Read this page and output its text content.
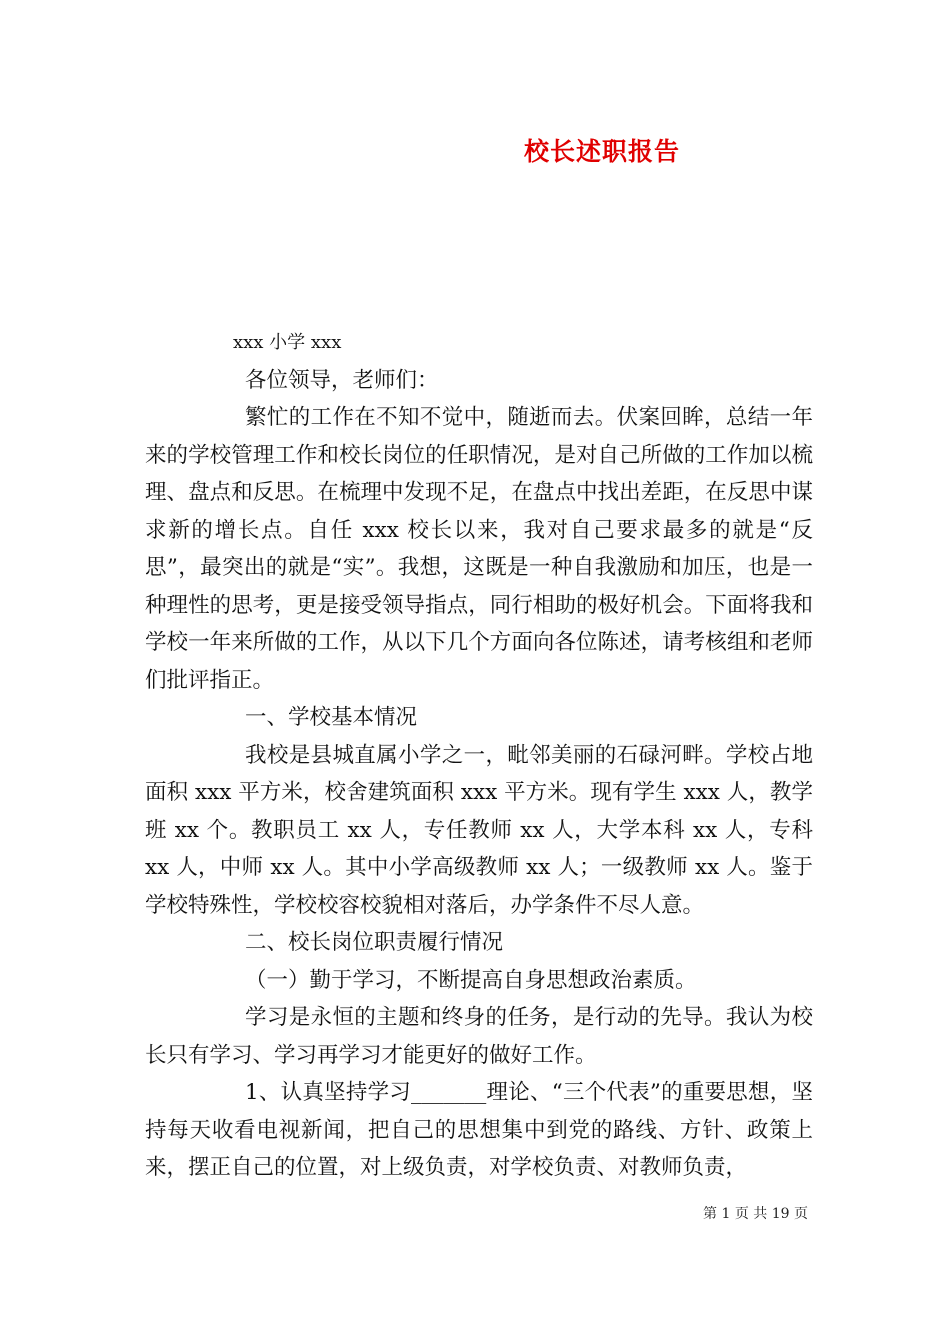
校长述职报告

xxx 小学 xxx

各位领导，老师们：

繁忙的工作在不知不觉中，随逝而去。伏案回眸，总结一年来的学校管理工作和校长岗位的任职情况，是对自己所做的工作加以梳理、盘点和反思。在梳理中发现不足，在盘点中找出差距，在反思中谋求新的增长点。自任 xxx 校长以来，我对自己要求最多的就是“反思”，最突出的就是“实”。我想，这既是一种自我激励和加压，也是一种理性的思考，更是接受领导指点，同行相助的极好机会。下面将我和学校一年来所做的工作，从以下几个方面向各位陈述，请考核组和老师们批评指正。

一、学校基本情况

我校是县城直属小学之一，毗邻美丽的石碌河畔。学校占地面积 xxx 平方米，校舍建筑面积 xxx 平方米。现有学生 xxx 人，教学班 xx 个。教职员工 xx 人，专任教师 xx 人，大学本科 xx 人，专科 xx 人，中师 xx 人。其中小学高级教师 xx 人；一级教师 xx 人。鉴于学校特殊性，学校校容校貌相对落后，办学条件不尽人意。

二、校长岗位职责履行情况

（一）勤于学习，不断提高自身思想政治素质。

学习是永恒的主题和终身的任务，是行动的先导。我认为校长只有学习、学习再学习才能更好的做好工作。

1、认真坚持学习_______理论、“三个代表”的重要思想，坚持每天收看电视新闻，把自己的思想集中到党的路线、方针、政策上来，摆正自己的位置，对上级负责，对学校负责、对教师负责，

第 1 页 共 19 页
